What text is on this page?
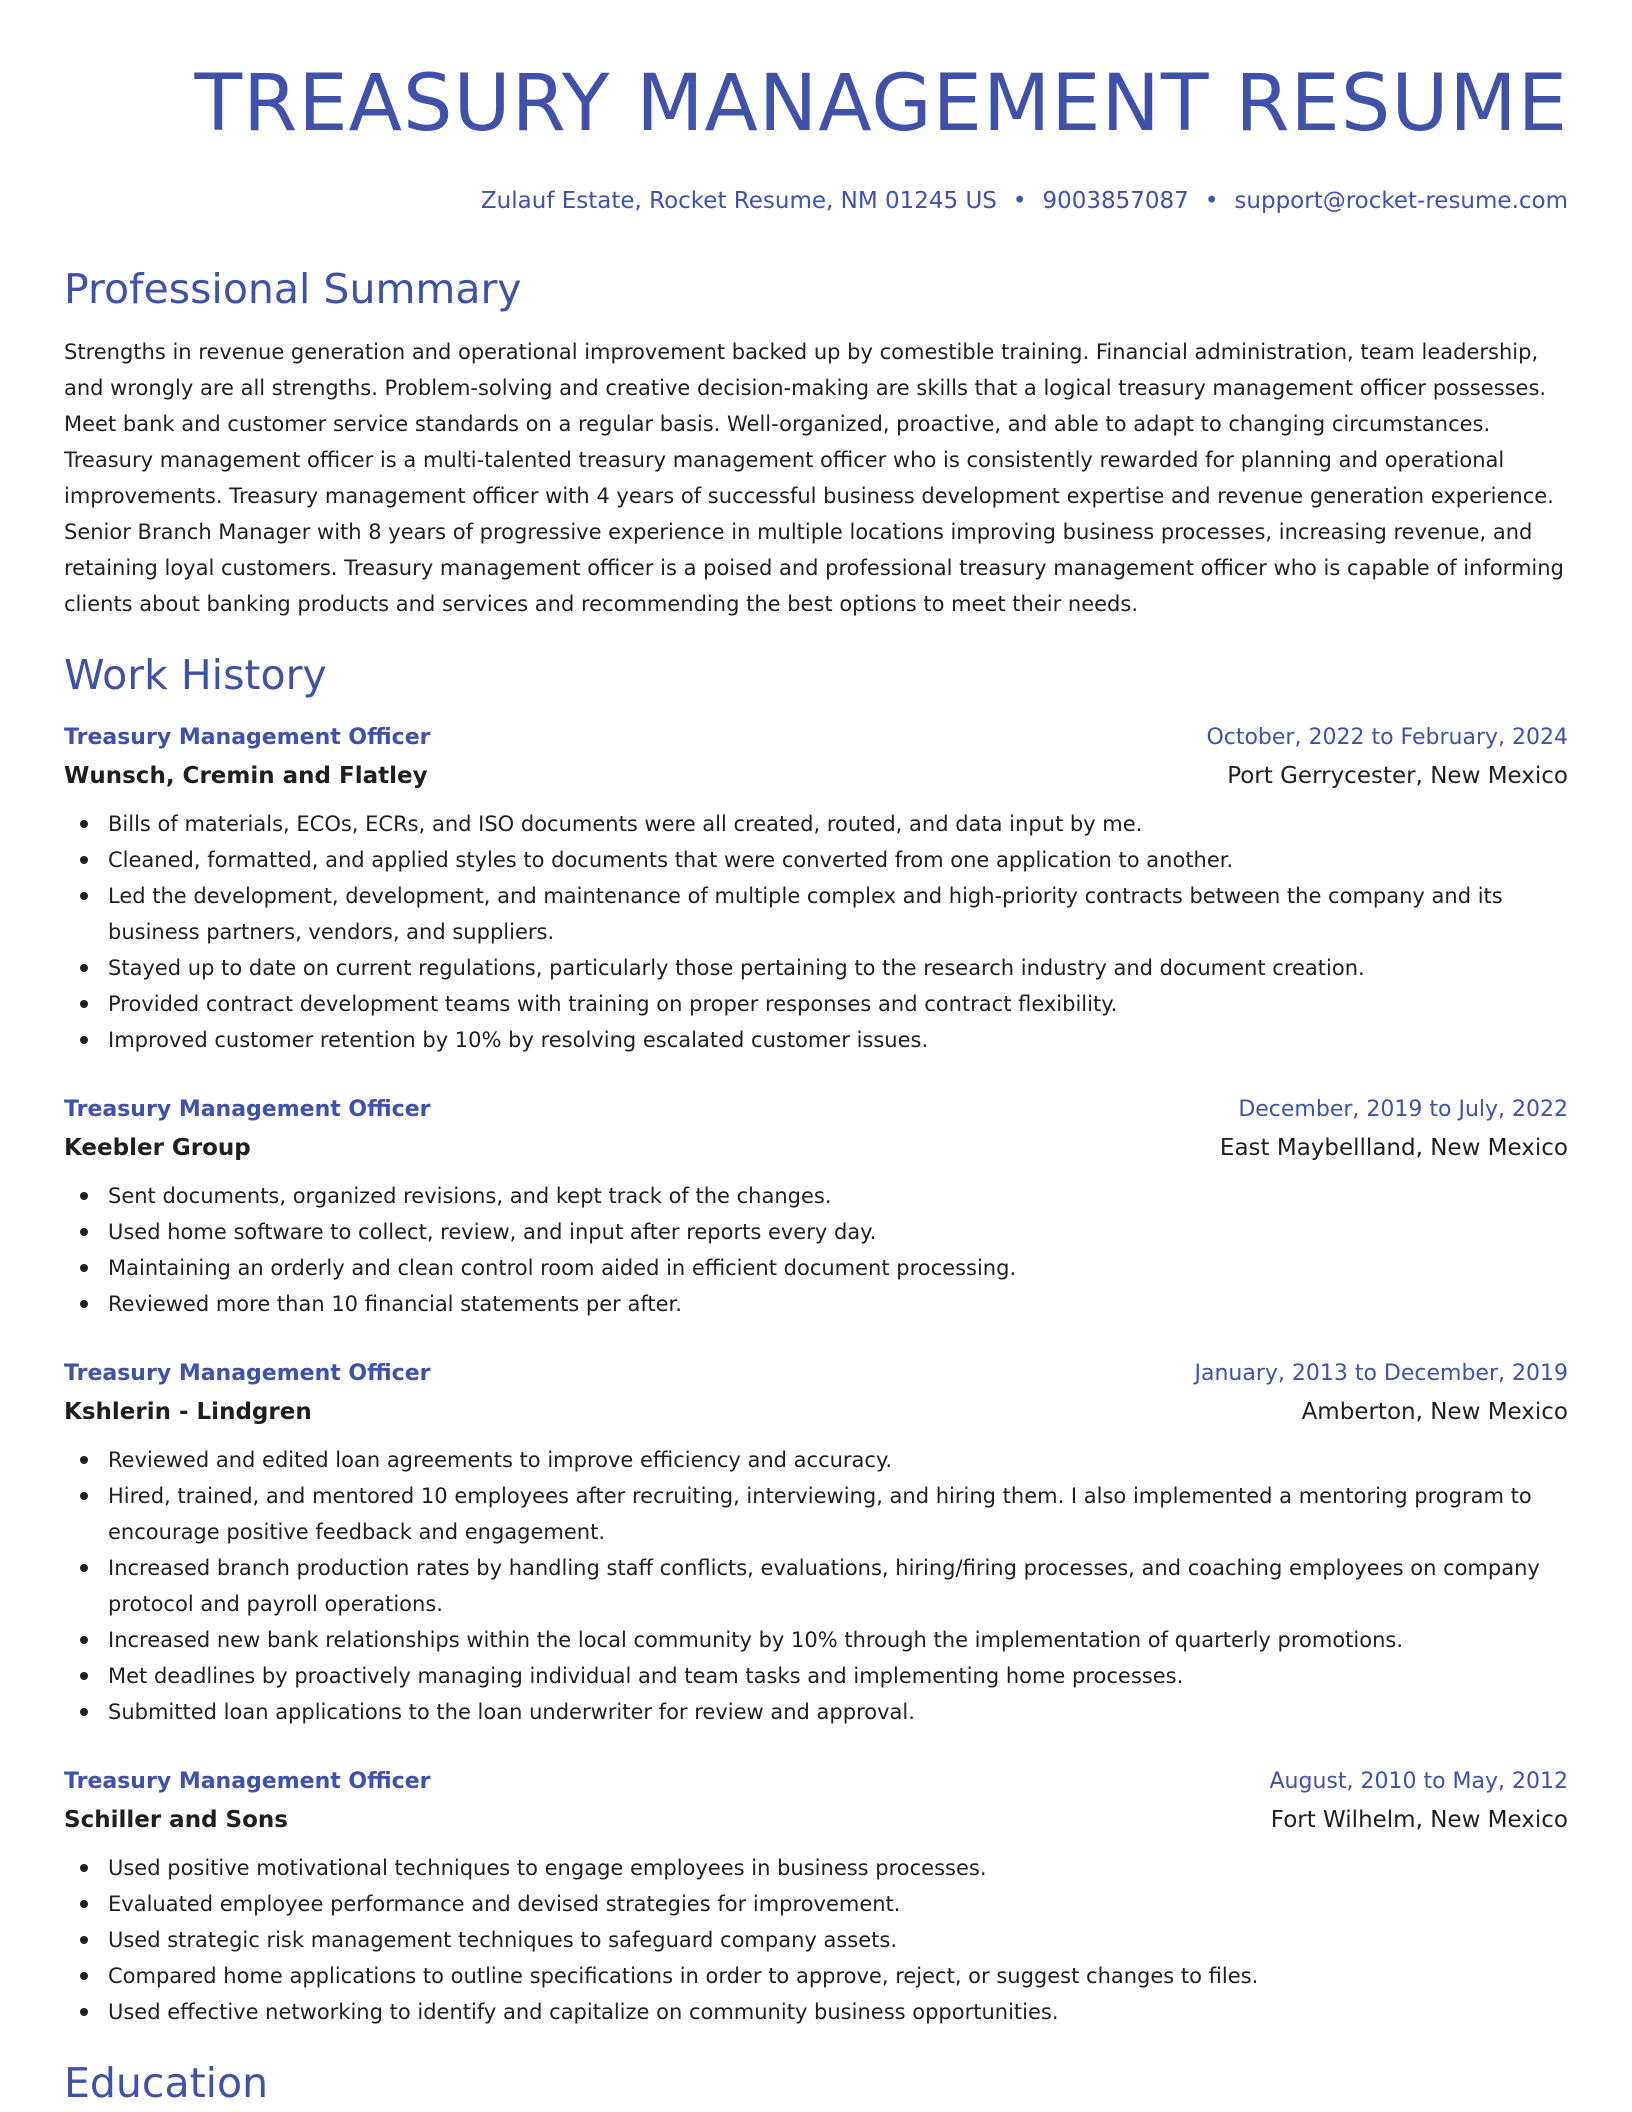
TREASURY MANAGEMENT RESUME
Zulauf Estate, Rocket Resume, NM 01245 US • 9003857087 • support@rocket-resume.com
Professional Summary

Strengths in revenue generation and operational improvement backed up by comestible training. Financial administration, team leadership, and wrongly are all strengths. Problem-solving and creative decision-making are skills that a logical treasury management officer possesses. Meet bank and customer service standards on a regular basis. Well-organized, proactive, and able to adapt to changing circumstances. Treasury management officer is a multi-talented treasury management officer who is consistently rewarded for planning and operational improvements. Treasury management officer with 4 years of successful business development expertise and revenue generation experience. Senior Branch Manager with 8 years of progressive experience in multiple locations improving business processes, increasing revenue, and retaining loyal customers. Treasury management officer is a poised and professional treasury management officer who is capable of informing clients about banking products and services and recommending the best options to meet their needs.

Work History
Treasury Management Officer	October, 2022 to February, 2024
Wunsch, Cremin and Flatley	Port Gerrycester, New Mexico
Bills of materials, ECOs, ECRs, and ISO documents were all created, routed, and data input by me.
Cleaned, formatted, and applied styles to documents that were converted from one application to another.
Led the development, development, and maintenance of multiple complex and high-priority contracts between the company and its business partners, vendors, and suppliers.
Stayed up to date on current regulations, particularly those pertaining to the research industry and document creation.
Provided contract development teams with training on proper responses and contract flexibility.
Improved customer retention by 10% by resolving escalated customer issues.
Treasury Management Officer	December, 2019 to July, 2022
Keebler Group	East Maybellland, New Mexico
Sent documents, organized revisions, and kept track of the changes.
Used home software to collect, review, and input after reports every day.
Maintaining an orderly and clean control room aided in efficient document processing.
Reviewed more than 10 financial statements per after.
Treasury Management Officer	January, 2013 to December, 2019
Kshlerin - Lindgren	Amberton, New Mexico
Reviewed and edited loan agreements to improve efficiency and accuracy.
Hired, trained, and mentored 10 employees after recruiting, interviewing, and hiring them. I also implemented a mentoring program to encourage positive feedback and engagement.
Increased branch production rates by handling staff conflicts, evaluations, hiring/firing processes, and coaching employees on company protocol and payroll operations.
Increased new bank relationships within the local community by 10% through the implementation of quarterly promotions.
Met deadlines by proactively managing individual and team tasks and implementing home processes.
Submitted loan applications to the loan underwriter for review and approval.
Treasury Management Officer	August, 2010 to May, 2012
Schiller and Sons	Fort Wilhelm, New Mexico
Used positive motivational techniques to engage employees in business processes.
Evaluated employee performance and devised strategies for improvement.
Used strategic risk management techniques to safeguard company assets.
Compared home applications to outline specifications in order to approve, reject, or suggest changes to files.
Used effective networking to identify and capitalize on community business opportunities.
Education
